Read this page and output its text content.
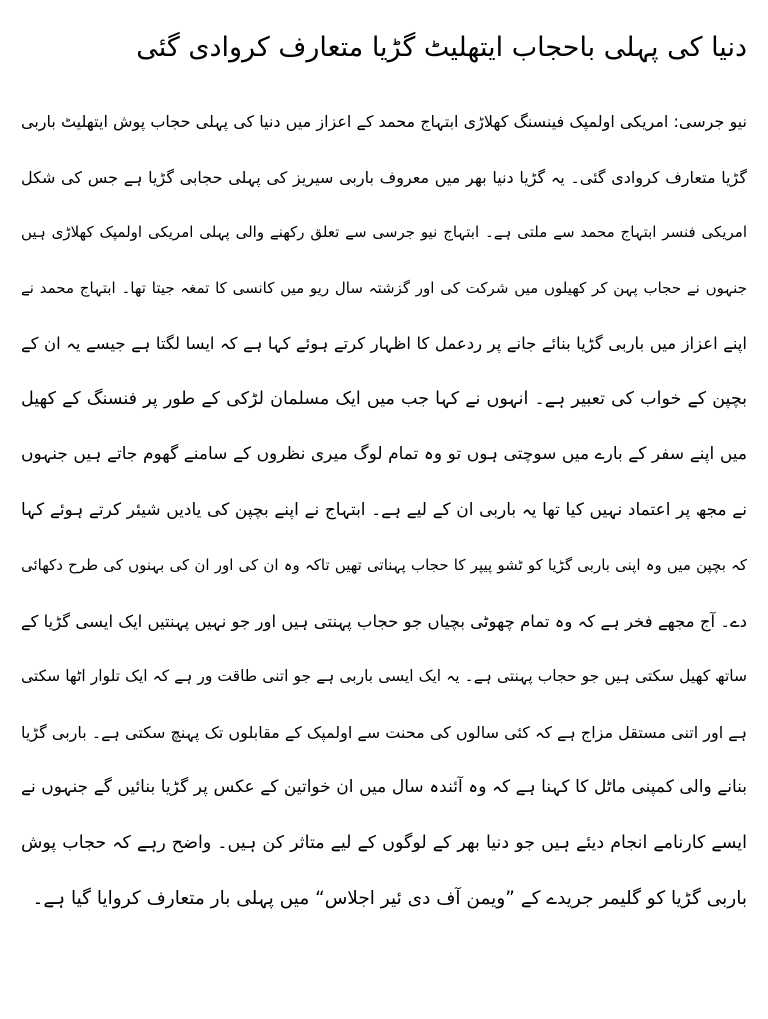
دنیا کی پہلی باحجاب ایتھلیٹ گڑیا متعارف کروادی گئی
نیو جرسی: امریکی اولمپک فینسنگ کھلاڑی ابتہاج محمد کے اعزاز میں دنیا کی پہلی حجاب پوش ایتھلیٹ باربی
گڑیا متعارف کروادی گئی۔ یہ گڑیا دنیا بھر میں معروف باربی سیریز کی پہلی حجابی گڑیا ہے جس کی شکل
امریکی فنسر ابتہاج محمد سے ملتی ہے۔ ابتہاج نیو جرسی سے تعلق رکھنے والی پہلی امریکی اولمپک کھلاڑی ہیں
جنہوں نے حجاب پہن کر کھیلوں میں شرکت کی اور گزشتہ سال ریو میں کانسی کا تمغہ جیتا تھا۔ ابتہاج محمد نے
اپنے اعزاز میں باربی گڑیا بنائے جانے پر ردعمل کا اظہار کرتے ہوئے کہا ہے کہ ایسا لگتا ہے جیسے یہ ان کے
بچپن کے خواب کی تعبیر ہے۔ انہوں نے کہا جب میں ایک مسلمان لڑکی کے طور پر فنسنگ کے کھیل
میں اپنے سفر کے بارے میں سوچتی ہوں تو وہ تمام لوگ میری نظروں کے سامنے گھوم جاتے ہیں جنہوں
نے مجھ پر اعتماد نہیں کیا تھا یہ باربی ان کے لیے ہے۔ ابتہاج نے اپنے بچپن کی یادیں شیئر کرتے ہوئے کہا
کہ بچپن میں وہ اپنی باربی گڑیا کو ٹشو پیپر کا حجاب پہناتی تھیں تاکہ وہ ان کی اور ان کی بہنوں کی طرح دکھائی
دے۔ آج مجھے فخر ہے کہ وہ تمام چھوٹی بچیاں جو حجاب پہنتی ہیں اور جو نہیں پہنتیں ایک ایسی گڑیا کے
ساتھ کھیل سکتی ہیں جو حجاب پہنتی ہے۔ یہ ایک ایسی باربی ہے جو اتنی طاقت ور ہے کہ ایک تلوار اٹھا سکتی
ہے اور اتنی مستقل مزاج ہے کہ کئی سالوں کی محنت سے اولمپک کے مقابلوں تک پہنچ سکتی ہے۔ باربی گڑیا
بنانے والی کمپنی ماٹل کا کہنا ہے کہ وہ آئندہ سال میں ان خواتین کے عکس پر گڑیا بنائیں گے جنہوں نے
ایسے کارنامے انجام دیئے ہیں جو دنیا بھر کے لوگوں کے لیے متاثر کن ہیں۔ واضح رہے کہ حجاب پوش
باربی گڑیا کو گلیمر جریدے کے ”ویمن آف دی ئیر اجلاس“ میں پہلی بار متعارف کروایا گیا ہے۔
